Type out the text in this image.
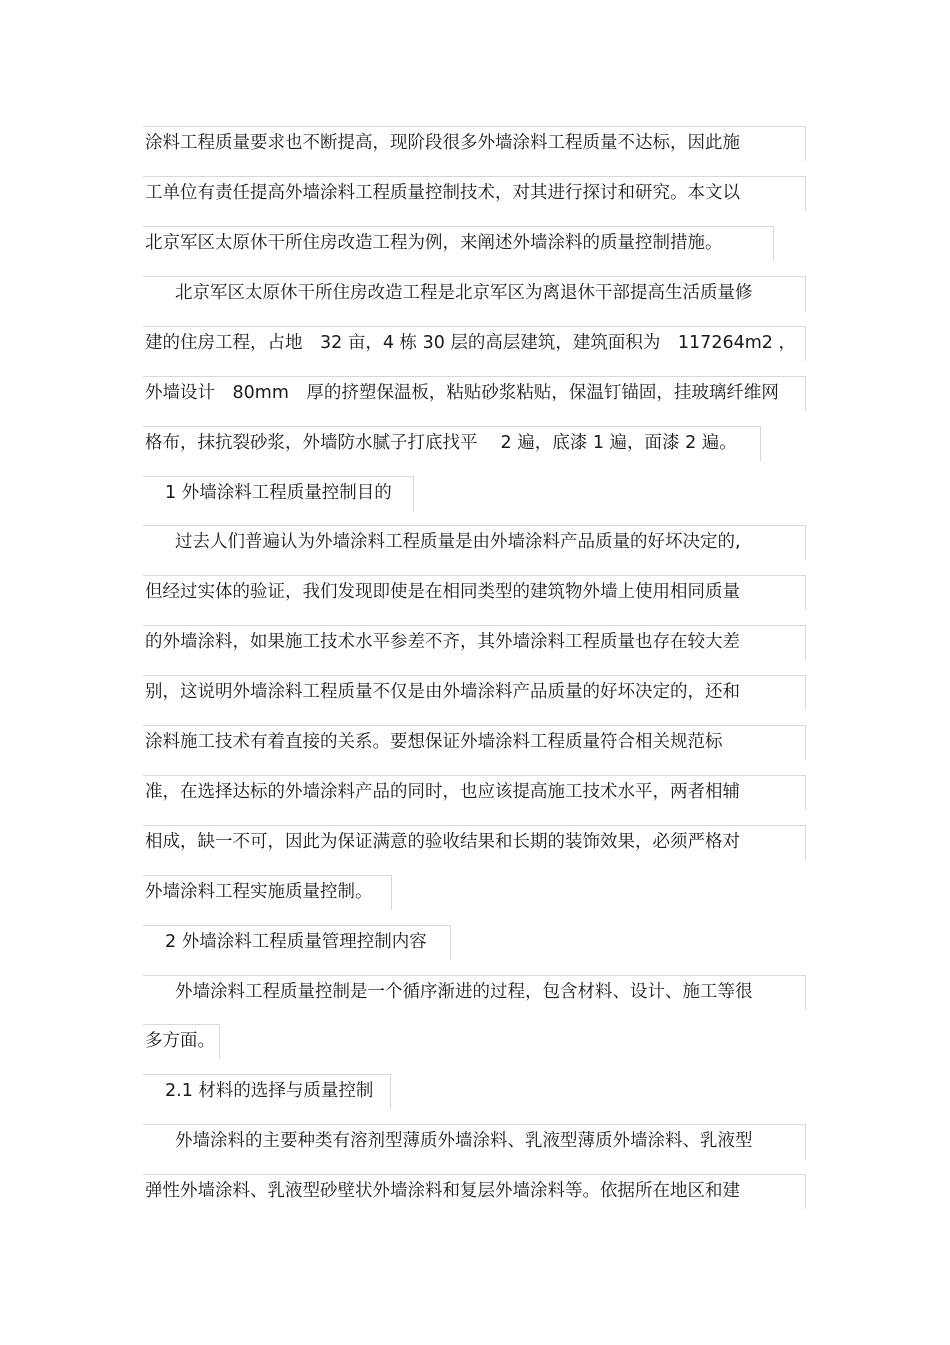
涂料工程质量要求也不断提高，现阶段很多外墙涂料工程质量不达标，因此施
工单位有责任提高外墙涂料工程质量控制技术，对其进行探讨和研究。本文以
北京军区太原休干所住房改造工程为例，来阐述外墙涂料的质量控制措施。
北京军区太原休干所住房改造工程是北京军区为离退休干部提高生活质量修
建的住房工程，占地　32 亩，4 栋 30 层的高层建筑，建筑面积为　117264m2 ，
外墙设计　80mm　厚的挤塑保温板，粘贴砂浆粘贴，保温钉锚固，挂玻璃纤维网
格布，抹抗裂砂浆，外墙防水腻子打底找平　 2 遍，底漆 1 遍，面漆 2 遍。
1 外墙涂料工程质量控制目的
过去人们普遍认为外墙涂料工程质量是由外墙涂料产品质量的好坏决定的,
但经过实体的验证，我们发现即使是在相同类型的建筑物外墙上使用相同质量
的外墙涂料，如果施工技术水平参差不齐，其外墙涂料工程质量也存在较大差
别，这说明外墙涂料工程质量不仅是由外墙涂料产品质量的好坏决定的，还和
涂料施工技术有着直接的关系。要想保证外墙涂料工程质量符合相关规范标
准，在选择达标的外墙涂料产品的同时，也应该提高施工技术水平，两者相辅
相成，缺一不可，因此为保证满意的验收结果和长期的装饰效果，必须严格对
外墙涂料工程实施质量控制。
2 外墙涂料工程质量管理控制内容
外墙涂料工程质量控制是一个循序渐进的过程，包含材料、设计、施工等很
多方面。
2.1 材料的选择与质量控制
外墙涂料的主要种类有溶剂型薄质外墙涂料、乳液型薄质外墙涂料、乳液型
弹性外墙涂料、乳液型砂壁状外墙涂料和复层外墙涂料等。依据所在地区和建
